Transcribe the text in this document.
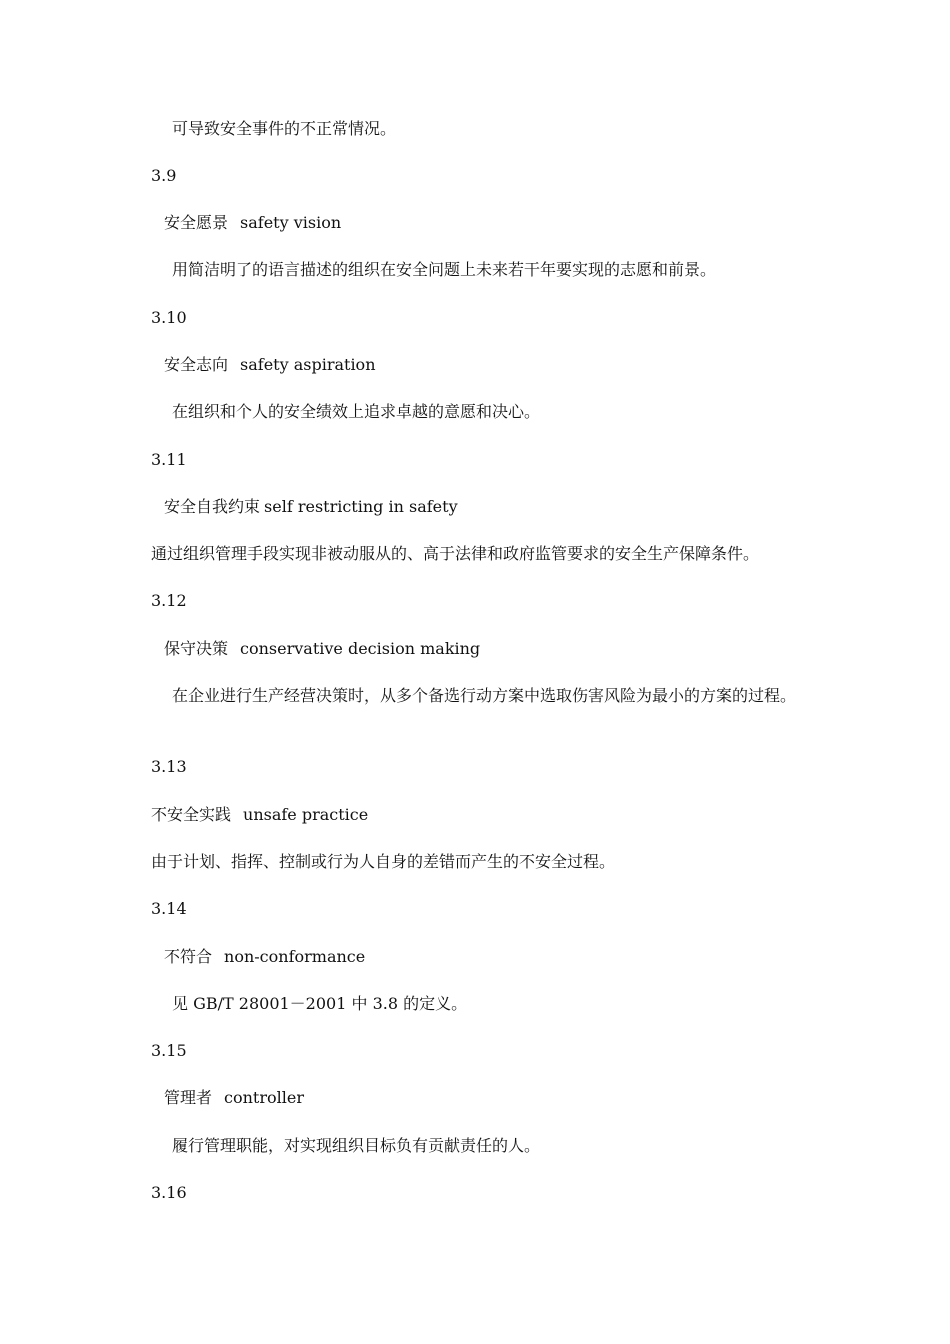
可导致安全事件的不正常情况。
3.9
安全愿景 safety vision
用简洁明了的语言描述的组织在安全问题上未来若干年要实现的志愿和前景。
3.10
安全志向 safety aspiration
在组织和个人的安全绩效上追求卓越的意愿和决心。
3.11
安全自我约束 self restricting in safety
通过组织管理手段实现非被动服从的、高于法律和政府监管要求的安全生产保障条件。
3.12
保守决策 conservative decision making
在企业进行生产经营决策时，从多个备选行动方案中选取伤害风险为最小的方案的过程。
3.13
不安全实践 unsafe practice
由于计划、指挥、控制或行为人自身的差错而产生的不安全过程。
3.14
不符合 non-conformance
见 GB/T 28001－2001 中 3.8 的定义。
3.15
管理者 controller
履行管理职能，对实现组织目标负有贡献责任的人。
3.16
